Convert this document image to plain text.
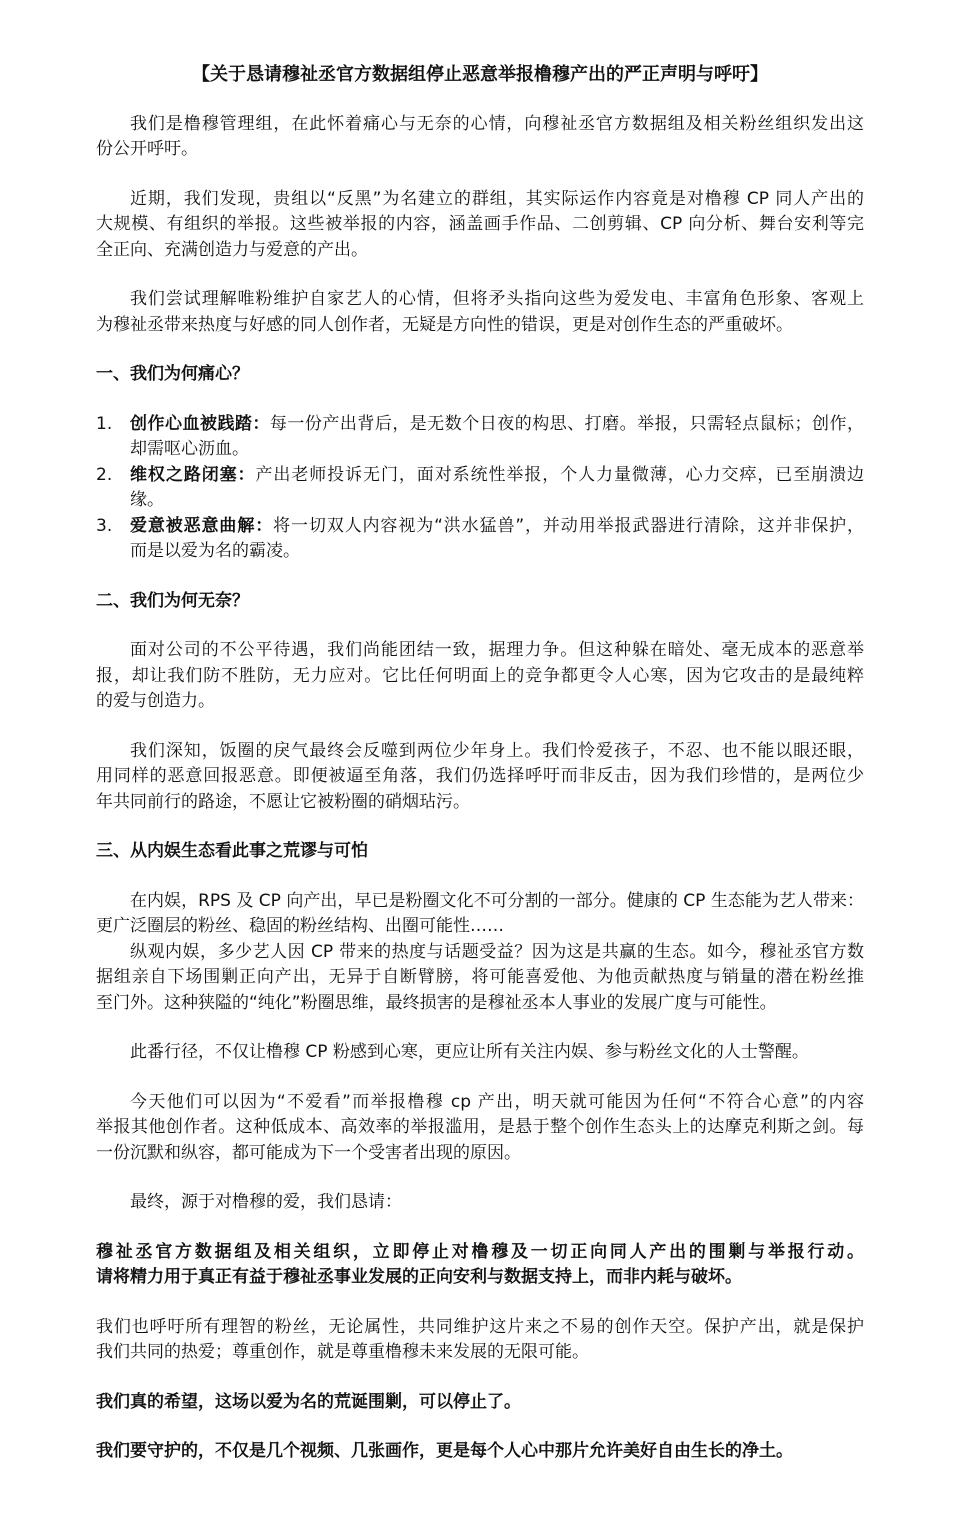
【关于恳请穆祉丞官方数据组停止恶意举报橹穆产出的严正声明与呼吁】
我们是橹穆管理组，在此怀着痛心与无奈的心情，向穆祉丞官方数据组及相关粉丝组织发出这
份公开呼吁。
近期，我们发现，贵组以“反黑”为名建立的群组，其实际运作内容竟是对橹穆 CP 同人产出的
大规模、有组织的举报。这些被举报的内容，涵盖画手作品、二创剪辑、CP 向分析、舞台安利等完
全正向、充满创造力与爱意的产出。
我们尝试理解唯粉维护自家艺人的心情，但将矛头指向这些为爱发电、丰富角色形象、客观上
为穆祉丞带来热度与好感的同人创作者，无疑是方向性的错误，更是对创作生态的严重破坏。
一、我们为何痛心？
1.	创作心血被践踏：每一份产出背后，是无数个日夜的构思、打磨。举报，只需轻点鼠标；创作，
却需呕心沥血。
2.	维权之路闭塞：产出老师投诉无门，面对系统性举报，个人力量微薄，心力交瘁，已至崩溃边
缘。
3.	爱意被恶意曲解：将一切双人内容视为“洪水猛兽”，并动用举报武器进行清除，这并非保护，
而是以爱为名的霸凌。
二、我们为何无奈？
面对公司的不公平待遇，我们尚能团结一致，据理力争。但这种躲在暗处、毫无成本的恶意举
报，却让我们防不胜防，无力应对。它比任何明面上的竞争都更令人心寒，因为它攻击的是最纯粹
的爱与创造力。
我们深知，饭圈的戾气最终会反噬到两位少年身上。我们怜爱孩子，不忍、也不能以眼还眼，
用同样的恶意回报恶意。即便被逼至角落，我们仍选择呼吁而非反击，因为我们珍惜的，是两位少
年共同前行的路途，不愿让它被粉圈的硝烟玷污。
三、从内娱生态看此事之荒谬与可怕
在内娱，RPS 及 CP 向产出，早已是粉圈文化不可分割的一部分。健康的 CP 生态能为艺人带来：
更广泛圈层的粉丝、稳固的粉丝结构、出圈可能性……
纵观内娱，多少艺人因 CP 带来的热度与话题受益？因为这是共赢的生态。如今，穆祉丞官方数
据组亲自下场围剿正向产出，无异于自断臂膀，将可能喜爱他、为他贡献热度与销量的潜在粉丝推
至门外。这种狭隘的“纯化”粉圈思维，最终损害的是穆祉丞本人事业的发展广度与可能性。
此番行径，不仅让橹穆 CP 粉感到心寒，更应让所有关注内娱、参与粉丝文化的人士警醒。
今天他们可以因为“不爱看”而举报橹穆 cp 产出，明天就可能因为任何“不符合心意”的内容
举报其他创作者。这种低成本、高效率的举报滥用，是悬于整个创作生态头上的达摩克利斯之剑。每
一份沉默和纵容，都可能成为下一个受害者出现的原因。
最终，源于对橹穆的爱，我们恳请：
穆祉丞官方数据组及相关组织，立即停止对橹穆及一切正向同人产出的围剿与举报行动。
请将精力用于真正有益于穆祉丞事业发展的正向安利与数据支持上，而非内耗与破坏。
我们也呼吁所有理智的粉丝，无论属性，共同维护这片来之不易的创作天空。保护产出，就是保护
我们共同的热爱；尊重创作，就是尊重橹穆未来发展的无限可能。
我们真的希望，这场以爱为名的荒诞围剿，可以停止了。
我们要守护的，不仅是几个视频、几张画作，更是每个人心中那片允许美好自由生长的净土。
